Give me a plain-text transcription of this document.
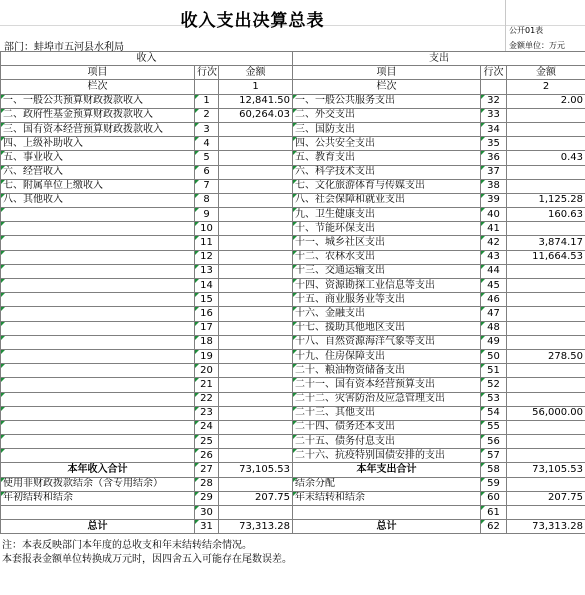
收入支出决算总表	公开01表
部门：蚌埠市五河县水利局	金额单位：万元
收入			支出		
项目	行次	金额	项目	行次	金额
栏次		1	栏次		2
一、一般公共预算财政拨款收入	1	12,841.50	一、一般公共服务支出	32	2.00
二、政府性基金预算财政拨款收入	2	60,264.03	二、外交支出	33	
三、国有资本经营预算财政拨款收入	3		三、国防支出	34	
四、上级补助收入	4		四、公共安全支出	35	
五、事业收入	5		五、教育支出	36	0.43
六、经营收入	6		六、科学技术支出	37	
七、附属单位上缴收入	7		七、文化旅游体育与传媒支出	38	
八、其他收入	8		八、社会保障和就业支出	39	1,125.28
	9		九、卫生健康支出	40	160.63
	10		十、节能环保支出	41	
	11		十一、城乡社区支出	42	3,874.17
	12		十二、农林水支出	43	11,664.53
	13		十三、交通运输支出	44	
	14		十四、资源勘探工业信息等支出	45	
	15		十五、商业服务业等支出	46	
	16		十六、金融支出	47	
	17		十七、援助其他地区支出	48	
	18		十八、自然资源海洋气象等支出	49	
	19		十九、住房保障支出	50	278.50
	20		二十、粮油物资储备支出	51	
	21		二十一、国有资本经营预算支出	52	
	22		二十二、灾害防治及应急管理支出	53	
	23		二十三、其他支出	54	56,000.00
	24		二十四、债务还本支出	55	
	25		二十五、债务付息支出	56	
	26		二十六、抗疫特别国债安排的支出	57	
本年收入合计	27	73,105.53	本年支出合计	58	73,105.53
使用非财政拨款结余（含专用结余）	28		结余分配	59	
年初结转和结余	29	207.75	年末结转和结余	60	207.75
	30			61	
总计	31	73,313.28	总计	62	73,313.28
注：本表反映部门本年度的总收支和年末结转结余情况。
本套报表金额单位转换成万元时，因四舍五入可能存在尾数误差。
